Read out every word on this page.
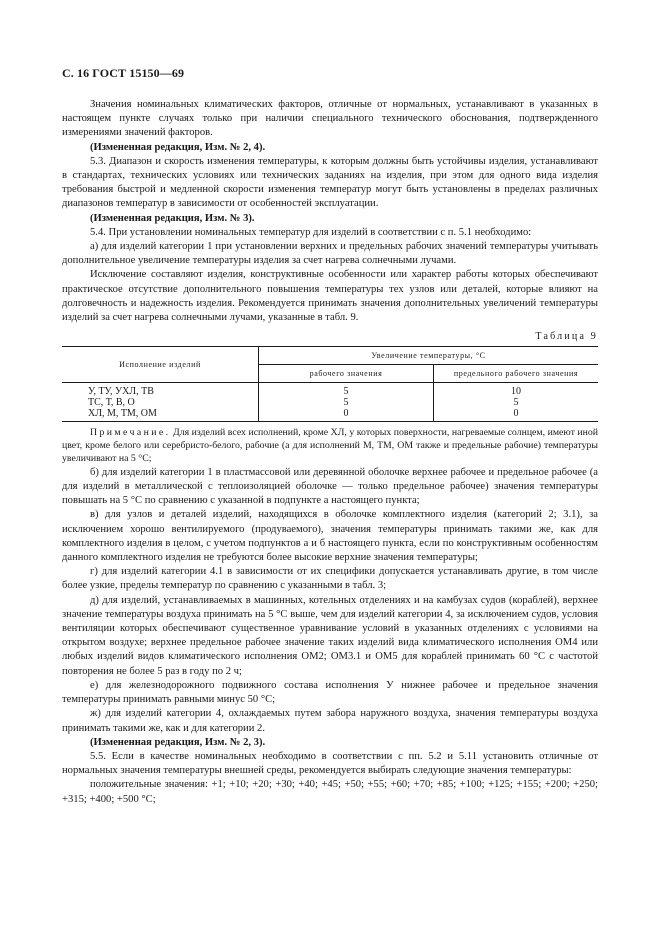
С. 16 ГОСТ 15150—69

Значения номинальных климатических факторов, отличные от нормальных, устанавливают в указанных в настоящем пункте случаях только при наличии специального технического обоснования, подтвержденного измерениями значений факторов.

(Измененная редакция, Изм. № 2, 4).

5.3. Диапазон и скорость изменения температуры, к которым должны быть устойчивы изделия, устанавливают в стандартах, технических условиях или технических заданиях на изделия, при этом для одного вида изделия требования быстрой и медленной скорости изменения температур могут быть установлены в пределах различных диапазонов температур в зависимости от особенностей эксплуатации.

(Измененная редакция, Изм. № 3).

5.4. При установлении номинальных температур для изделий в соответствии с п. 5.1 необходимо:

а) для изделий категории 1 при установлении верхних и предельных рабочих значений температуры учитывать дополнительное увеличение температуры изделия за счет нагрева солнечными лучами.

Исключение составляют изделия, конструктивные особенности или характер работы которых обеспечивают практическое отсутствие дополнительного повышения температуры тех узлов или деталей, которые влияют на долговечность и надежность изделия. Рекомендуется принимать значения дополнительных увеличений температуры изделий за счет нагрева солнечными лучами, указанные в табл. 9.

Таблица 9
Исполнение изделий	Увеличение температуры, °С	
	рабочего значения	предельного рабочего значения
У, ТУ, УХЛ, ТВ	5	10
ТС, Т, В, О	5	5
ХЛ, М, ТМ, ОМ	0	0

Примечание. Для изделий всех исполнений, кроме ХЛ, у которых поверхности, нагреваемые солнцем, имеют иной цвет, кроме белого или серебристо-белого, рабочие (а для исполнений М, ТМ, ОМ также и предельные рабочие) температуры увеличивают на 5 °С;

б) для изделий категории 1 в пластмассовой или деревянной оболочке верхнее рабочее и предельное рабочее (а для изделий в металлической с теплоизоляцией оболочке — только предельное рабочее) значения температуры повышать на 5 °С по сравнению с указанной в подпункте а настоящего пункта;

в) для узлов и деталей изделий, находящихся в оболочке комплектного изделия (категорий 2; 3.1), за исключением хорошо вентилируемого (продуваемого), значения температуры принимать такими же, как для комплектного изделия в целом, с учетом подпунктов а и б настоящего пункта, если по конструктивным особенностям данного комплектного изделия не требуются более высокие верхние значения температуры;

г) для изделий категории 4.1 в зависимости от их специфики допускается устанавливать другие, в том числе более узкие, пределы температур по сравнению с указанными в табл. 3;

д) для изделий, устанавливаемых в машинных, котельных отделениях и на камбузах судов (кораблей), верхнее значение температуры воздуха принимать на 5 °С выше, чем для изделий категории 4, за исключением судов, условия вентиляции которых обеспечивают существенное уравнивание условий в указанных отделениях с условиями на открытом воздухе; верхнее предельное рабочее значение таких изделий вида климатического исполнения ОМ4 или любых изделий видов климатического исполнения ОМ2; ОМ3.1 и ОМ5 для кораблей принимать 60 °С с частотой повторения не более 5 раз в году по 2 ч;

е) для железнодорожного подвижного состава исполнения У нижнее рабочее и предельное значения температуры принимать равными минус 50 °С;

ж) для изделий категории 4, охлаждаемых путем забора наружного воздуха, значения температуры воздуха принимать такими же, как и для категории 2.

(Измененная редакция, Изм. № 2, 3).

5.5. Если в качестве номинальных необходимо в соответствии с пп. 5.2 и 5.11 установить отличные от нормальных значения температуры внешней среды, рекомендуется выбирать следующие значения температуры:

положительные значения: +1; +10; +20; +30; +40; +45; +50; +55; +60; +70; +85; +100; +125; +155; +200; +250; +315; +400; +500 °С;
